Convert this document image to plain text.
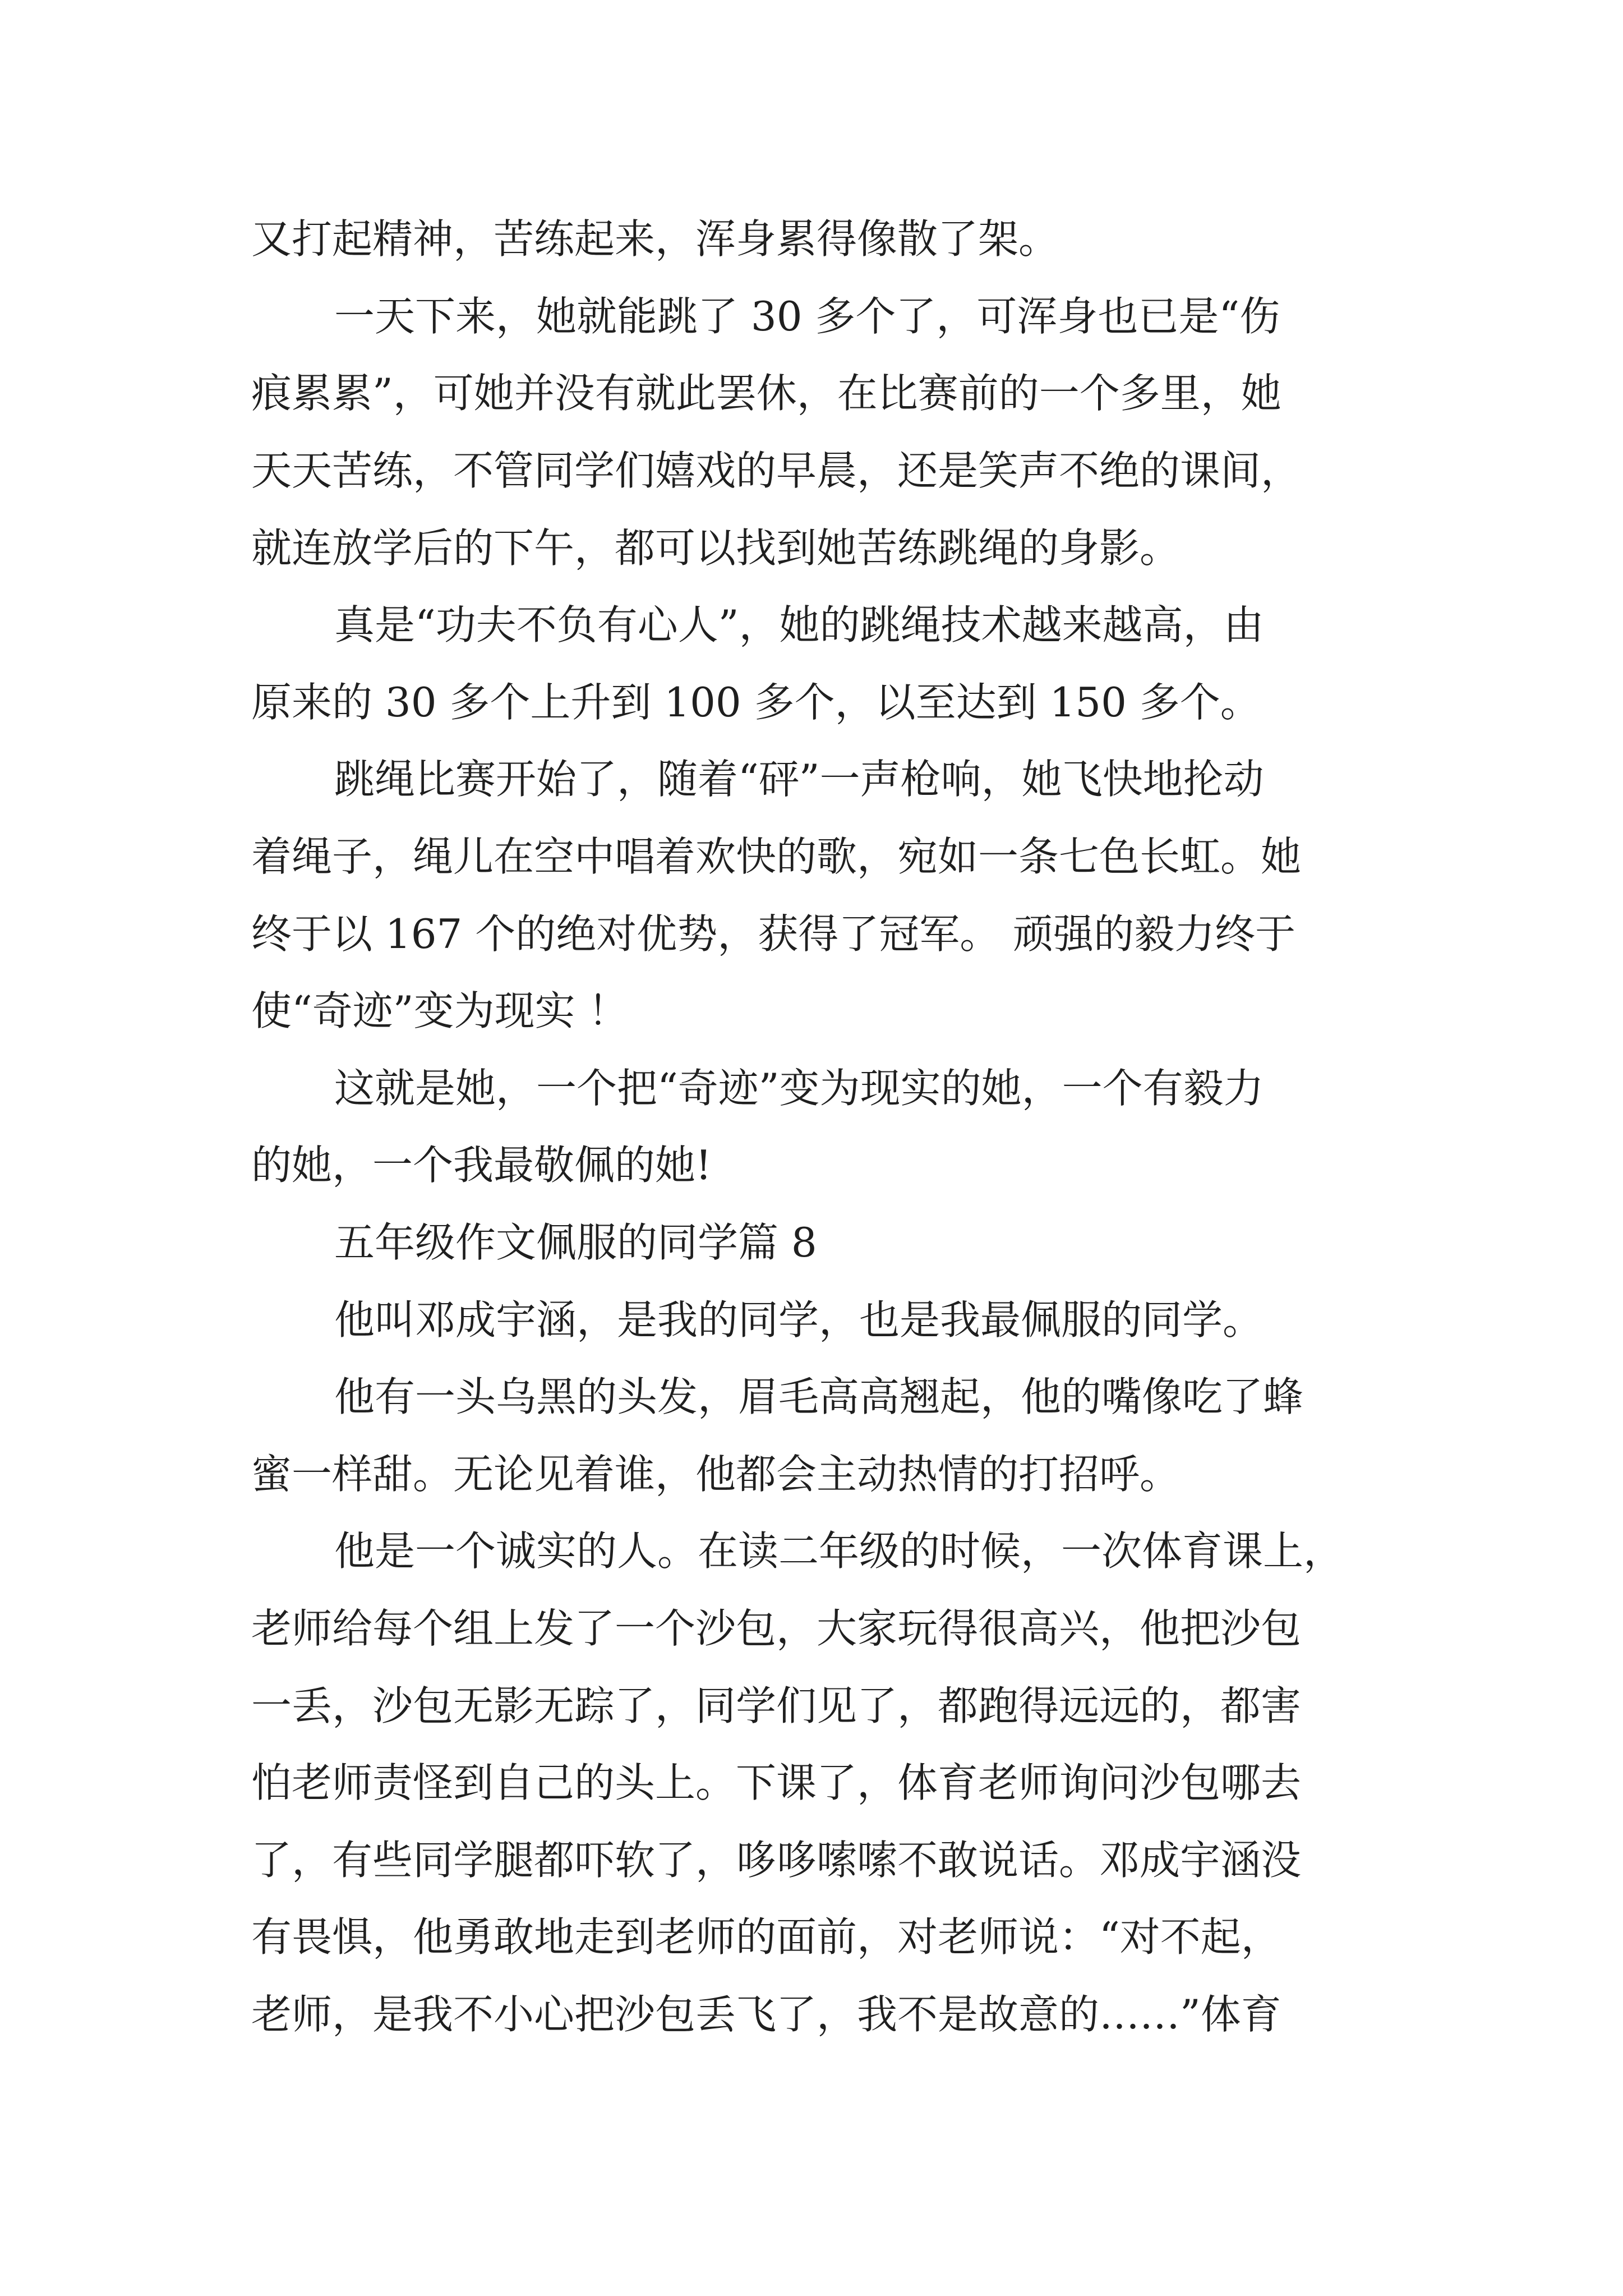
又打起精神，苦练起来，浑身累得像散了架。

一天下来，她就能跳了 30 多个了，可浑身也已是“伤

痕累累”，可她并没有就此罢休，在比赛前的一个多里，她

天天苦练，不管同学们嬉戏的早晨，还是笑声不绝的课间，

就连放学后的下午，都可以找到她苦练跳绳的身影。

真是“功夫不负有心人”，她的跳绳技术越来越高，由

原来的 30 多个上升到 100 多个，以至达到 150 多个。

跳绳比赛开始了，随着“砰”一声枪响，她飞快地抡动

着绳子，绳儿在空中唱着欢快的歌，宛如一条七色长虹。她

终于以 167 个的绝对优势，获得了冠军。 顽强的毅力终于

使“奇迹”变为现实 ！

这就是她，一个把“奇迹”变为现实的她，一个有毅力

的她，一个我最敬佩的她!

五年级作文佩服的同学篇 8

他叫邓成宇涵，是我的同学，也是我最佩服的同学。

他有一头乌黑的头发，眉毛高高翘起，他的嘴像吃了蜂

蜜一样甜。无论见着谁，他都会主动热情的打招呼。

他是一个诚实的人。在读二年级的时候，一次体育课上，

老师给每个组上发了一个沙包，大家玩得很高兴，他把沙包

一丢，沙包无影无踪了，同学们见了，都跑得远远的，都害

怕老师责怪到自己的头上。下课了，体育老师询问沙包哪去

了，有些同学腿都吓软了，哆哆嗦嗦不敢说话。邓成宇涵没

有畏惧，他勇敢地走到老师的面前，对老师说：“对不起，

老师，是我不小心把沙包丢飞了，我不是故意的……”体育
